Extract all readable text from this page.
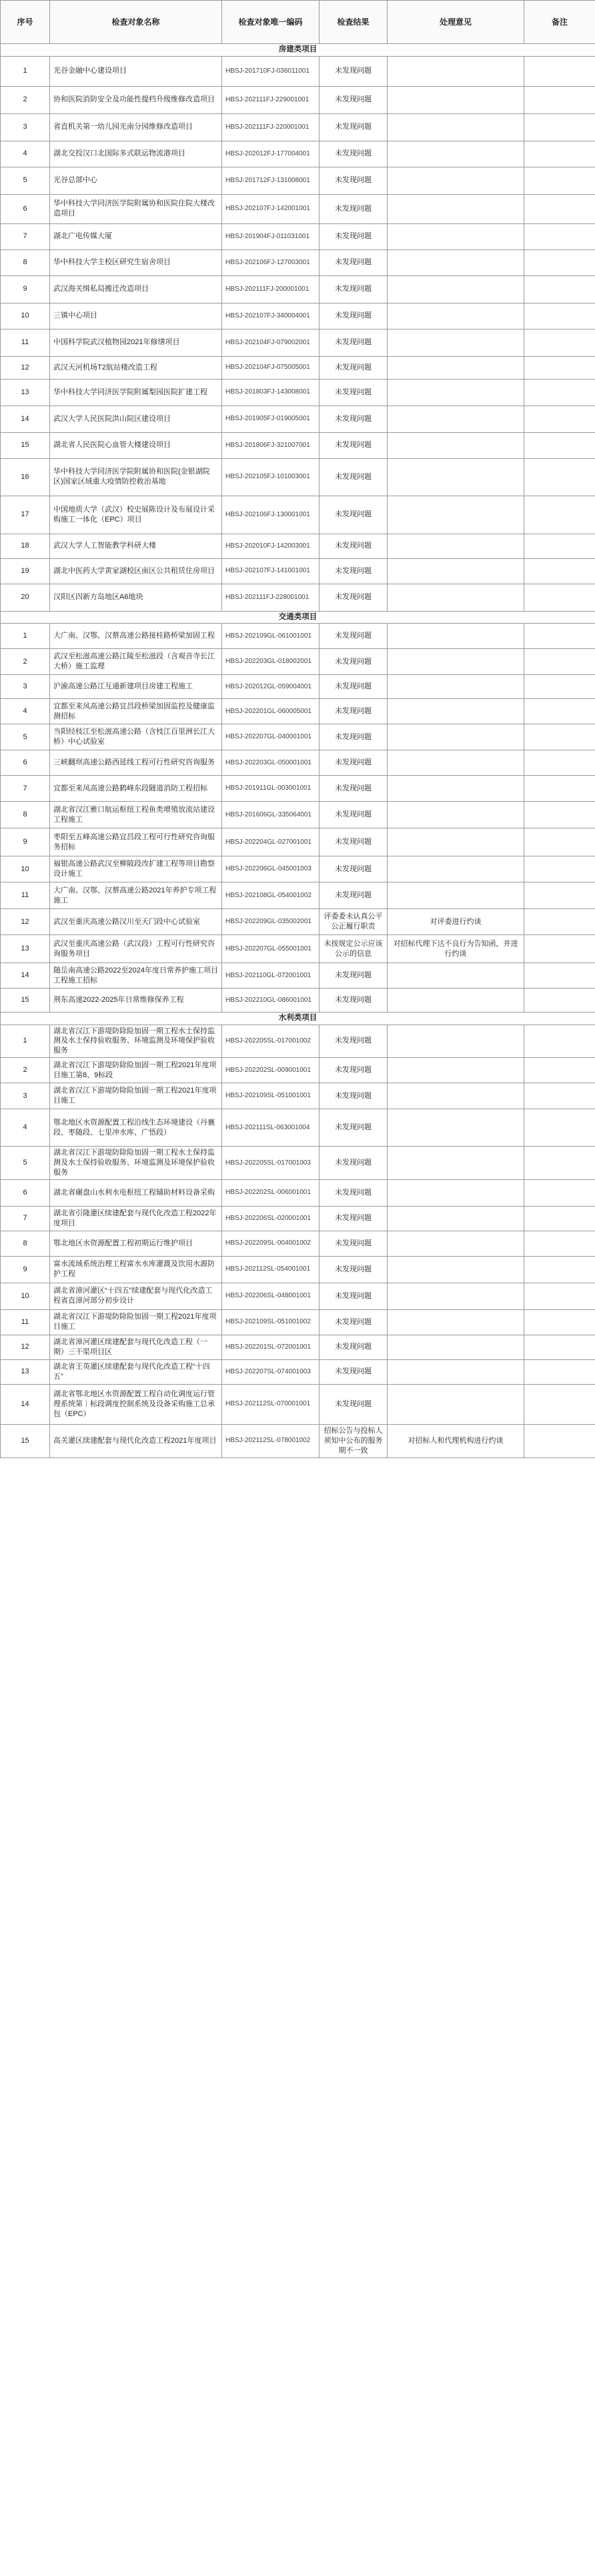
序号	检查对象名称	检查对象唯一编码	检查结果	处理意见	备注
房建类项目					
1	光谷金融中心建设项目	HBSJ-201710FJ-036011001	未发现问题		
2	协和医院消防安全及功能性提档升级维修改造项目	HBSJ-202111FJ-229001001	未发现问题		
3	省直机关第一幼儿园光南分园维修改造项目	HBSJ-202111FJ-220001001	未发现问题		
4	湖北交投汉口北国际多式联运物流港项目	HBSJ-202012FJ-177004001	未发现问题		
5	光谷总部中心	HBSJ-201712FJ-131008001	未发现问题		
6	华中科技大学同济医学院附属协和医院住院大楼改造项目	HBSJ-202107FJ-142001001	未发现问题		
7	湖北广电传媒大厦	HBSJ-201904FJ-011031001	未发现问题		
8	华中科技大学主校区研究生宿舍项目	HBSJ-202106FJ-127003001	未发现问题		
9	武汉海关缉私局搬迁改造项目	HBSJ-202111FJ-200001001	未发现问题		
10	三镇中心项目	HBSJ-202107FJ-340004001	未发现问题		
11	中国科学院武汉植物园2021年修缮项目	HBSJ-202104FJ-079002001	未发现问题		
12	武汉天河机场T2航站楼改造工程	HBSJ-202104FJ-075005001	未发现问题		
13	华中科技大学同济医学院附属梨园医院扩建工程	HBSJ-201803FJ-143008001	未发现问题		
14	武汉大学人民医院洪山院区建设项目	HBSJ-201905FJ-019005001	未发现问题		
15	湖北省人民医院心血管大楼建设项目	HBSJ-201806FJ-321007001	未发现问题		
16	华中科技大学同济医学院附属协和医院(金银湖院区)国家区域重大疫情防控救治基地	HBSJ-202105FJ-101003001	未发现问题		
17	中国地质大学（武汉）校史展陈设计及布展设计采购施工一体化（EPC）项目	HBSJ-202106FJ-130001001	未发现问题		
18	武汉大学人工智能教学科研大楼	HBSJ-202010FJ-142003001	未发现问题		
19	湖北中医药大学黄家湖校区南区公共租赁住房项目	HBSJ-202107FJ-141001001	未发现问题		
20	汉阳区四新方岛地区A6地块	HBSJ-202111FJ-228001001	未发现问题		
交通类项目					
1	大广南、汉鄂、汉蔡高速公路接桂路桥梁加固工程	HBSJ-202109GL-061001001	未发现问题		
2	武汉至松滋高速公路江陵至松滋段（含观音寺长江大桥）施工监理	HBSJ-202203GL-018002001	未发现问题		
3	沪渝高速公路江互通新建项目房建工程施工	HBSJ-202012GL-059004001	未发现问题		
4	宜都至来凤高速公路宜昌段桥梁加固监控及健康监测招标	HBSJ-202201GL-060005001	未发现问题		
5	当阳经枝江至松滋高速公路（含枝江百里洲长江大桥）中心试验室	HBSJ-202207GL-040001001	未发现问题		
6	三峡翻坝高速公路西延线工程可行性研究咨询服务	HBSJ-202203GL-050001001	未发现问题		
7	宜都至来凤高速公路鹤峰东段隧道消防工程招标	HBSJ-201911GL-003001001	未发现问题		
8	湖北省汉江雅口航运枢纽工程鱼类增殖放流站建设工程施工	HBSJ-201606GL-335064001	未发现问题		
9	枣阳至五峰高速公路宜昌段工程可行性研究咨询服务招标	HBSJ-202204GL-027001001	未发现问题		
10	福银高速公路武汉至柳陂段改扩建工程等项目勘察设计施工	HBSJ-202206GL-045001003	未发现问题		
11	大广南、汉鄂、汉蔡高速公路2021年养护专项工程施工	HBSJ-202108GL-054001002	未发现问题		
12	武汉至重庆高速公路汉川至天门段中心试验室	HBSJ-202209GL-035002001	评委委未认真公平公正履行职责	对评委进行约谈	
13	武汉至重庆高速公路（武汉段）工程可行性研究咨询服务项目	HBSJ-202207GL-055001001	未按规定公示应该公示的信息	对招标代理下达不良行为告知函，并进行约谈	
14	随岳南高速公路2022至2024年度日常养护施工项目工程施工招标	HBSJ-202110GL-072001001	未发现问题		
15	荆东高速2022-2025年日常维修保养工程	HBSJ-202210GL-086001001	未发现问题		
水利类项目					
1	湖北省汉江下游堤防除险加固一期工程水土保持监测及水土保持验收服务、环境监测及环境保护验收服务	HBSJ-202205SL-017001002	未发现问题		
2	湖北省汉江下游堤防除险加固一期工程2021年度项目施工第8、9标段	HBSJ-202202SL-009001001	未发现问题		
3	湖北省汉江下游堤防除险加固一期工程2021年度项目施工	HBSJ-202109SL-051001001	未发现问题		
4	鄂北地区水资源配置工程沿线生态环境建设（丹襄段、枣随段、七里冲水库、广悟段）	HBSJ-202111SL-063001004	未发现问题		
5	湖北省汉江下游堤防除险加固一期工程水土保持监测及水土保持验收服务、环境监测及环境保护验收服务	HBSJ-202205SL-017001003	未发现问题		
6	湖北省碾盘山水利水电枢纽工程辅助材料设备采购	HBSJ-202202SL-006001001	未发现问题		
7	湖北省引隆灌区续建配套与现代化改造工程2022年度项目	HBSJ-202206SL-020001001	未发现问题		
8	鄂北地区水资源配置工程初期运行维护项目	HBSJ-202209SL-004001002	未发现问题		
9	富水流域系统治理工程富水水库灌溉及饮用水源防护工程	HBSJ-202112SL-054001001	未发现问题		
10	湖北省漳河灌区“十四五”续建配套与现代化改造工程省直漳河部分初步设计	HBSJ-202206SL-048001001	未发现问题		
11	湖北省汉江下游堤防除险加固一期工程2021年度项目施工	HBSJ-202109SL-051001002	未发现问题		
12	湖北省漳河灌区续建配套与现代化改造工程（一期）三干渠项目区	HBSJ-202201SL-072001001	未发现问题		
13	湖北省王英灌区续建配套与现代化改造工程“十四五”	HBSJ-202207SL-074001003	未发现问题		
14	湖北省鄂北地区水资源配置工程自动化调度运行管理系统第｜标段调度控制系统及设备采购施工总承包（EPC）	HBSJ-202112SL-070001001	未发现问题		
15	高关灌区续建配套与现代化改造工程2021年度项目	HBSJ-202112SL-078001002	招标公告与投标人须知中公布的服务期不一致	对招标人和代理机构进行约谈	
